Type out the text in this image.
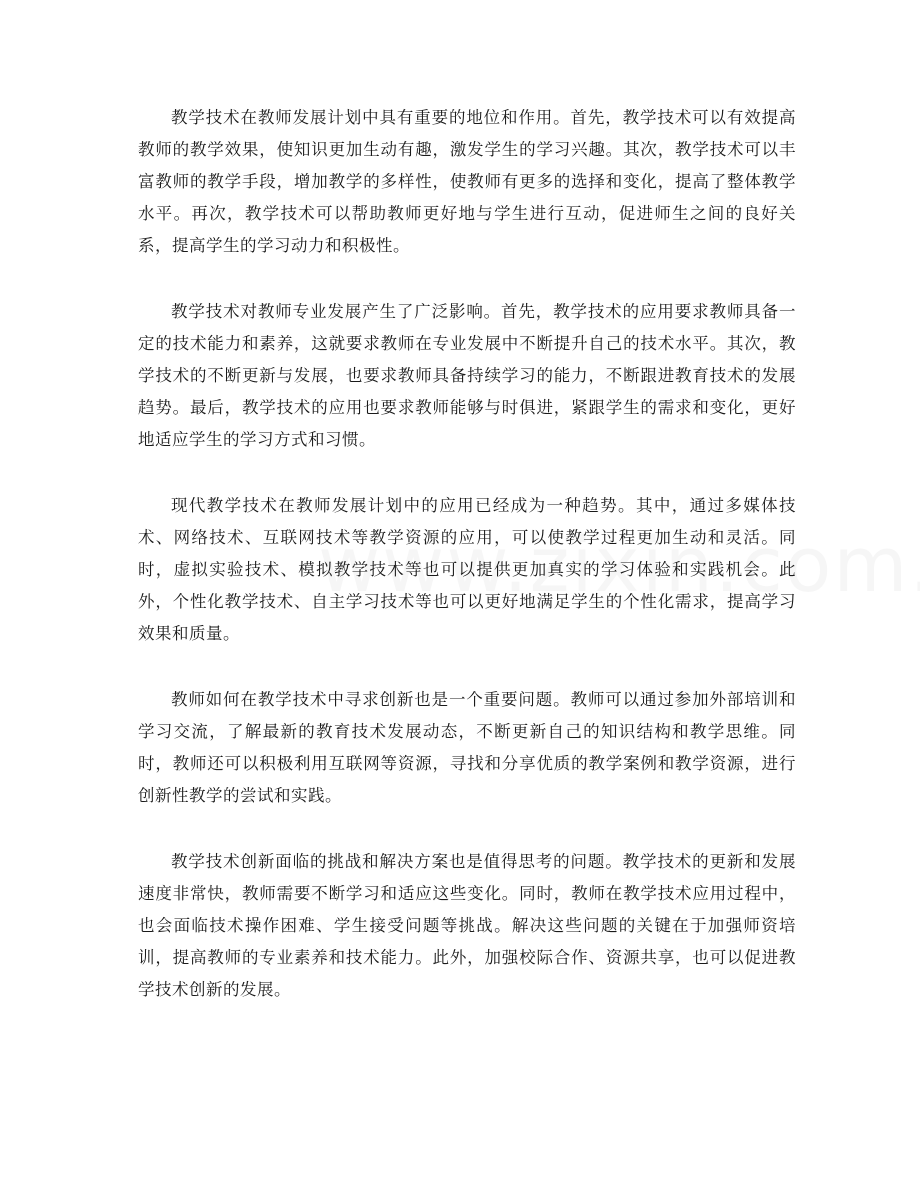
教学技术在教师发展计划中具有重要的地位和作用。首先，教学技术可以有效提高教师的教学效果，使知识更加生动有趣，激发学生的学习兴趣。其次，教学技术可以丰富教师的教学手段，增加教学的多样性，使教师有更多的选择和变化，提高了整体教学水平。再次，教学技术可以帮助教师更好地与学生进行互动，促进师生之间的良好关系，提高学生的学习动力和积极性。

教学技术对教师专业发展产生了广泛影响。首先，教学技术的应用要求教师具备一定的技术能力和素养，这就要求教师在专业发展中不断提升自己的技术水平。其次，教学技术的不断更新与发展，也要求教师具备持续学习的能力，不断跟进教育技术的发展趋势。最后，教学技术的应用也要求教师能够与时俱进，紧跟学生的需求和变化，更好地适应学生的学习方式和习惯。

现代教学技术在教师发展计划中的应用已经成为一种趋势。其中，通过多媒体技术、网络技术、互联网技术等教学资源的应用，可以使教学过程更加生动和灵活。同时，虚拟实验技术、模拟教学技术等也可以提供更加真实的学习体验和实践机会。此外，个性化教学技术、自主学习技术等也可以更好地满足学生的个性化需求，提高学习效果和质量。

教师如何在教学技术中寻求创新也是一个重要问题。教师可以通过参加外部培训和学习交流，了解最新的教育技术发展动态，不断更新自己的知识结构和教学思维。同时，教师还可以积极利用互联网等资源，寻找和分享优质的教学案例和教学资源，进行创新性教学的尝试和实践。

教学技术创新面临的挑战和解决方案也是值得思考的问题。教学技术的更新和发展速度非常快，教师需要不断学习和适应这些变化。同时，教师在教学技术应用过程中，也会面临技术操作困难、学生接受问题等挑战。解决这些问题的关键在于加强师资培训，提高教师的专业素养和技术能力。此外，加强校际合作、资源共享，也可以促进教学技术创新的发展。
